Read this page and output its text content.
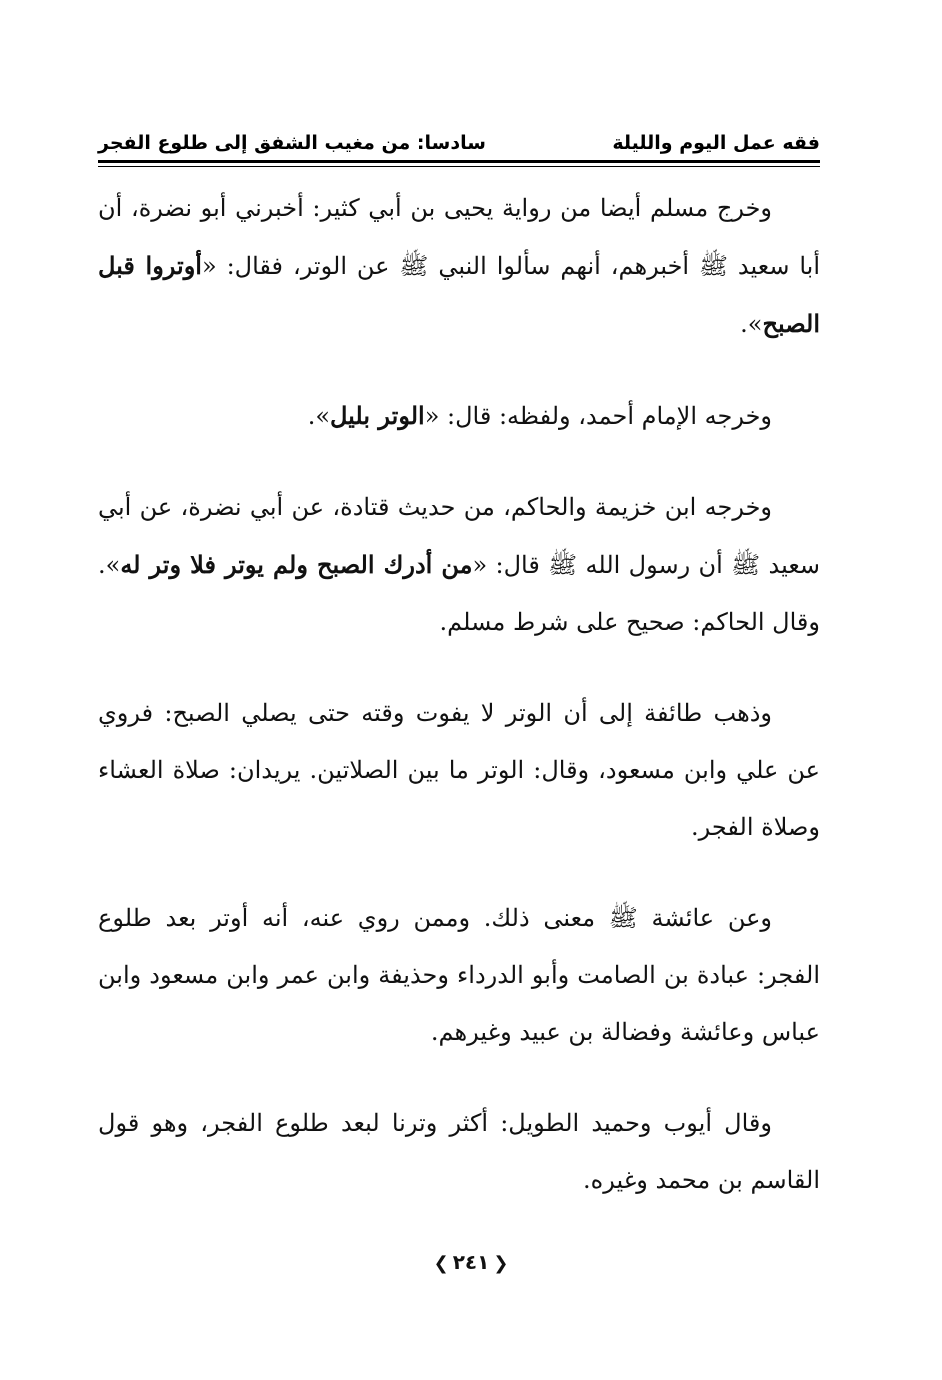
فقه عمل اليوم والليلة
سادسا: من مغيب الشفق إلى طلوع الفجر

وخرج مسلم أيضا من رواية يحيى بن أبي كثير: أخبرني أبو نضرة، أن أبا سعيد ﷺ أخبرهم، أنهم سألوا النبي ﷺ عن الوتر، فقال: «أوتروا قبل الصبح».

وخرجه الإمام أحمد، ولفظه: قال: «الوتر بليل».

وخرجه ابن خزيمة والحاكم، من حديث قتادة، عن أبي نضرة، عن أبي سعيد ﷺ أن رسول الله ﷺ قال: «من أدرك الصبح ولم يوتر فلا وتر له». وقال الحاكم: صحيح على شرط مسلم.

وذهب طائفة إلى أن الوتر لا يفوت وقته حتى يصلي الصبح: فروي عن علي وابن مسعود، وقال: الوتر ما بين الصلاتين. يريدان: صلاة العشاء وصلاة الفجر.

وعن عائشة ﷺ معنى ذلك. وممن روي عنه، أنه أوتر بعد طلوع الفجر: عبادة بن الصامت وأبو الدرداء وحذيفة وابن عمر وابن مسعود وابن عباس وعائشة وفضالة بن عبيد وغيرهم.

وقال أيوب وحميد الطويل: أكثر وترنا لبعد طلوع الفجر، وهو قول القاسم بن محمد وغيره.

❮٢٤١❯
